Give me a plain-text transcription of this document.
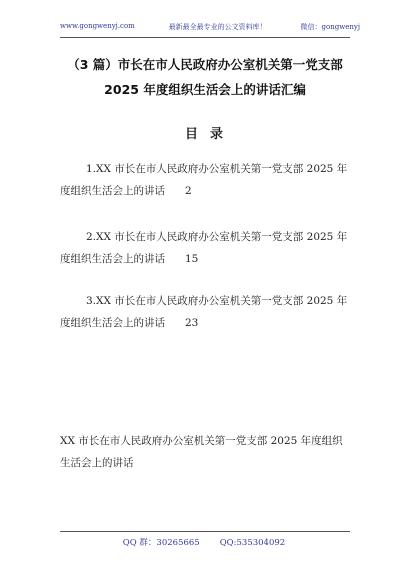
www.gongwenyj.com	最新最全最专业的公文资料库！	微信：gongwenyj
（3 篇）市长在市人民政府办公室机关第一党支部
2025 年度组织生活会上的讲话汇编
目录
1.XX 市长在市人民政府办公室机关第一党支部 2025 年
度组织生活会上的讲话 2
2.XX 市长在市人民政府办公室机关第一党支部 2025 年
度组织生活会上的讲话 15
3.XX 市长在市人民政府办公室机关第一党支部 2025 年
度组织生活会上的讲话 23
XX 市长在市人民政府办公室机关第一党支部 2025 年度组织
生活会上的讲话
QQ 群：30265665 QQ:535304092
